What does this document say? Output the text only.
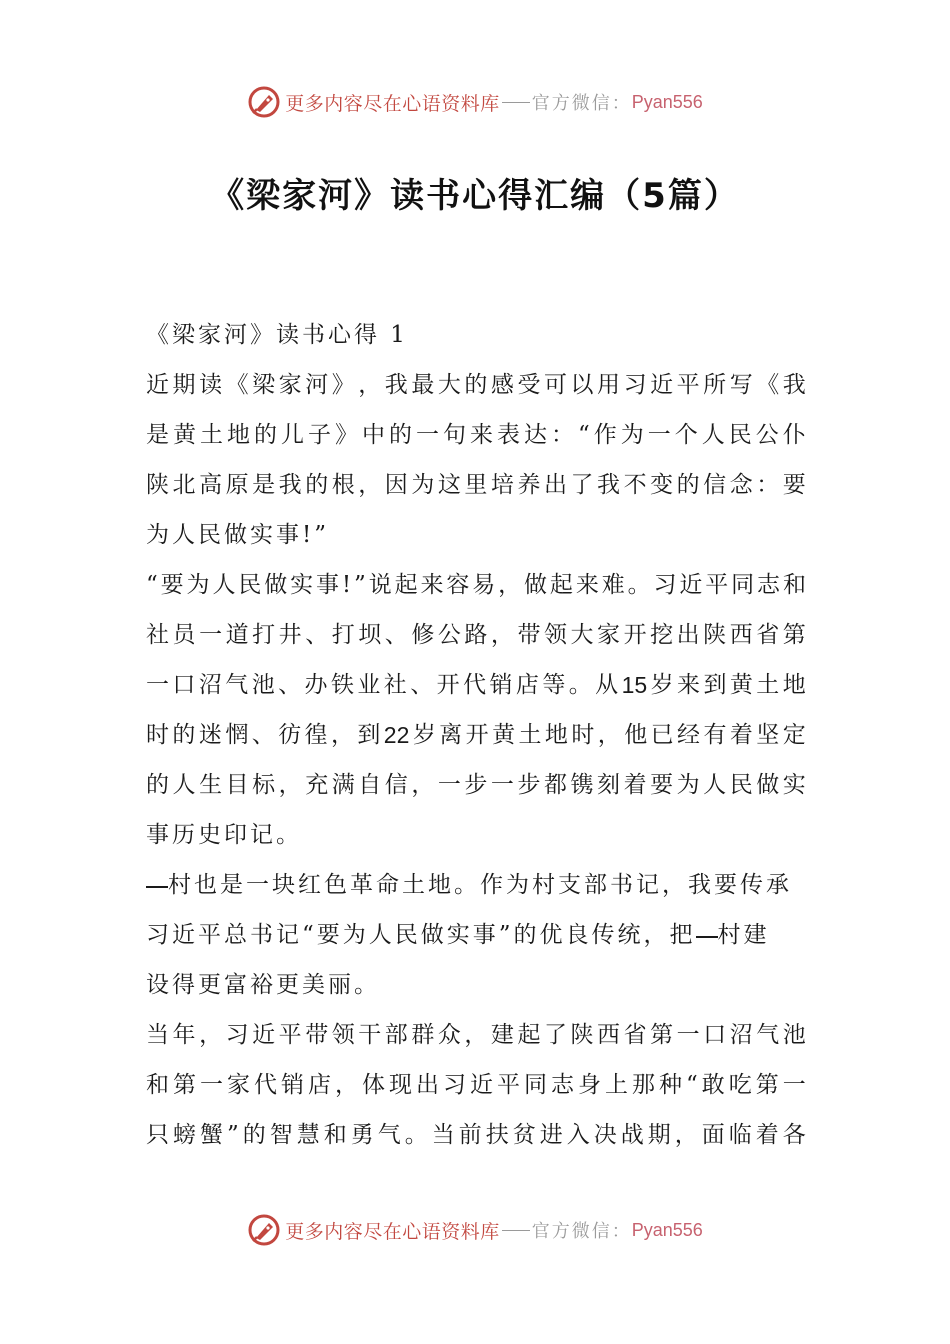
更多内容尽在心语资料库 官方微信： Pyan556
《梁家河》读书心得汇编（5篇）
《梁家河》读书心得 1
近 期 读 《 梁 家 河 》 ， 我 最 大 的 感 受 可 以 用 习 近 平 所 写 《 我
是 黄 土 地 的 儿 子 》 中 的 一 句 来 表 达 ： “ 作 为 一 个 人 民 公 仆
陕 北 高 原 是 我 的 根 ， 因 为 这 里 培 养 出 了 我 不 变 的 信 念 ： 要
为人民做实事!”
“ 要 为 人 民 做 实 事 ! ” 说 起 来 容 易 ， 做 起 来 难 。 习 近 平 同 志 和
社 员 一 道 打 井 、 打 坝 、 修 公 路 ， 带 领 大 家 开 挖 出 陕 西 省 第
一 口 沼 气 池 、 办 铁 业 社 、 开 代 销 店 等 。 从 15 岁 来 到 黄 土 地
时 的 迷 惘 、 彷 徨 ， 到 22 岁 离 开 黄 土 地 时 ， 他 已 经 有 着 坚 定
的 人 生 目 标 ， 充 满 自 信 ， 一 步 一 步 都 镌 刻 着 要 为 人 民 做 实
事历史印记。
村也是一块红色革命土地。作为村支部书记，我要传承
习近平总书记“要为人民做实事”的优良传统，把 村建
设得更富裕更美丽。
当 年 ， 习 近 平 带 领 干 部 群 众 ， 建 起 了 陕 西 省 第 一 口 沼 气 池
和 第 一 家 代 销 店 ， 体 现 出 习 近 平 同 志 身 上 那 种 “ 敢 吃 第 一
只 螃 蟹 ” 的 智 慧 和 勇 气 。 当 前 扶 贫 进 入 决 战 期 ， 面 临 着 各
更多内容尽在心语资料库 官方微信： Pyan556
